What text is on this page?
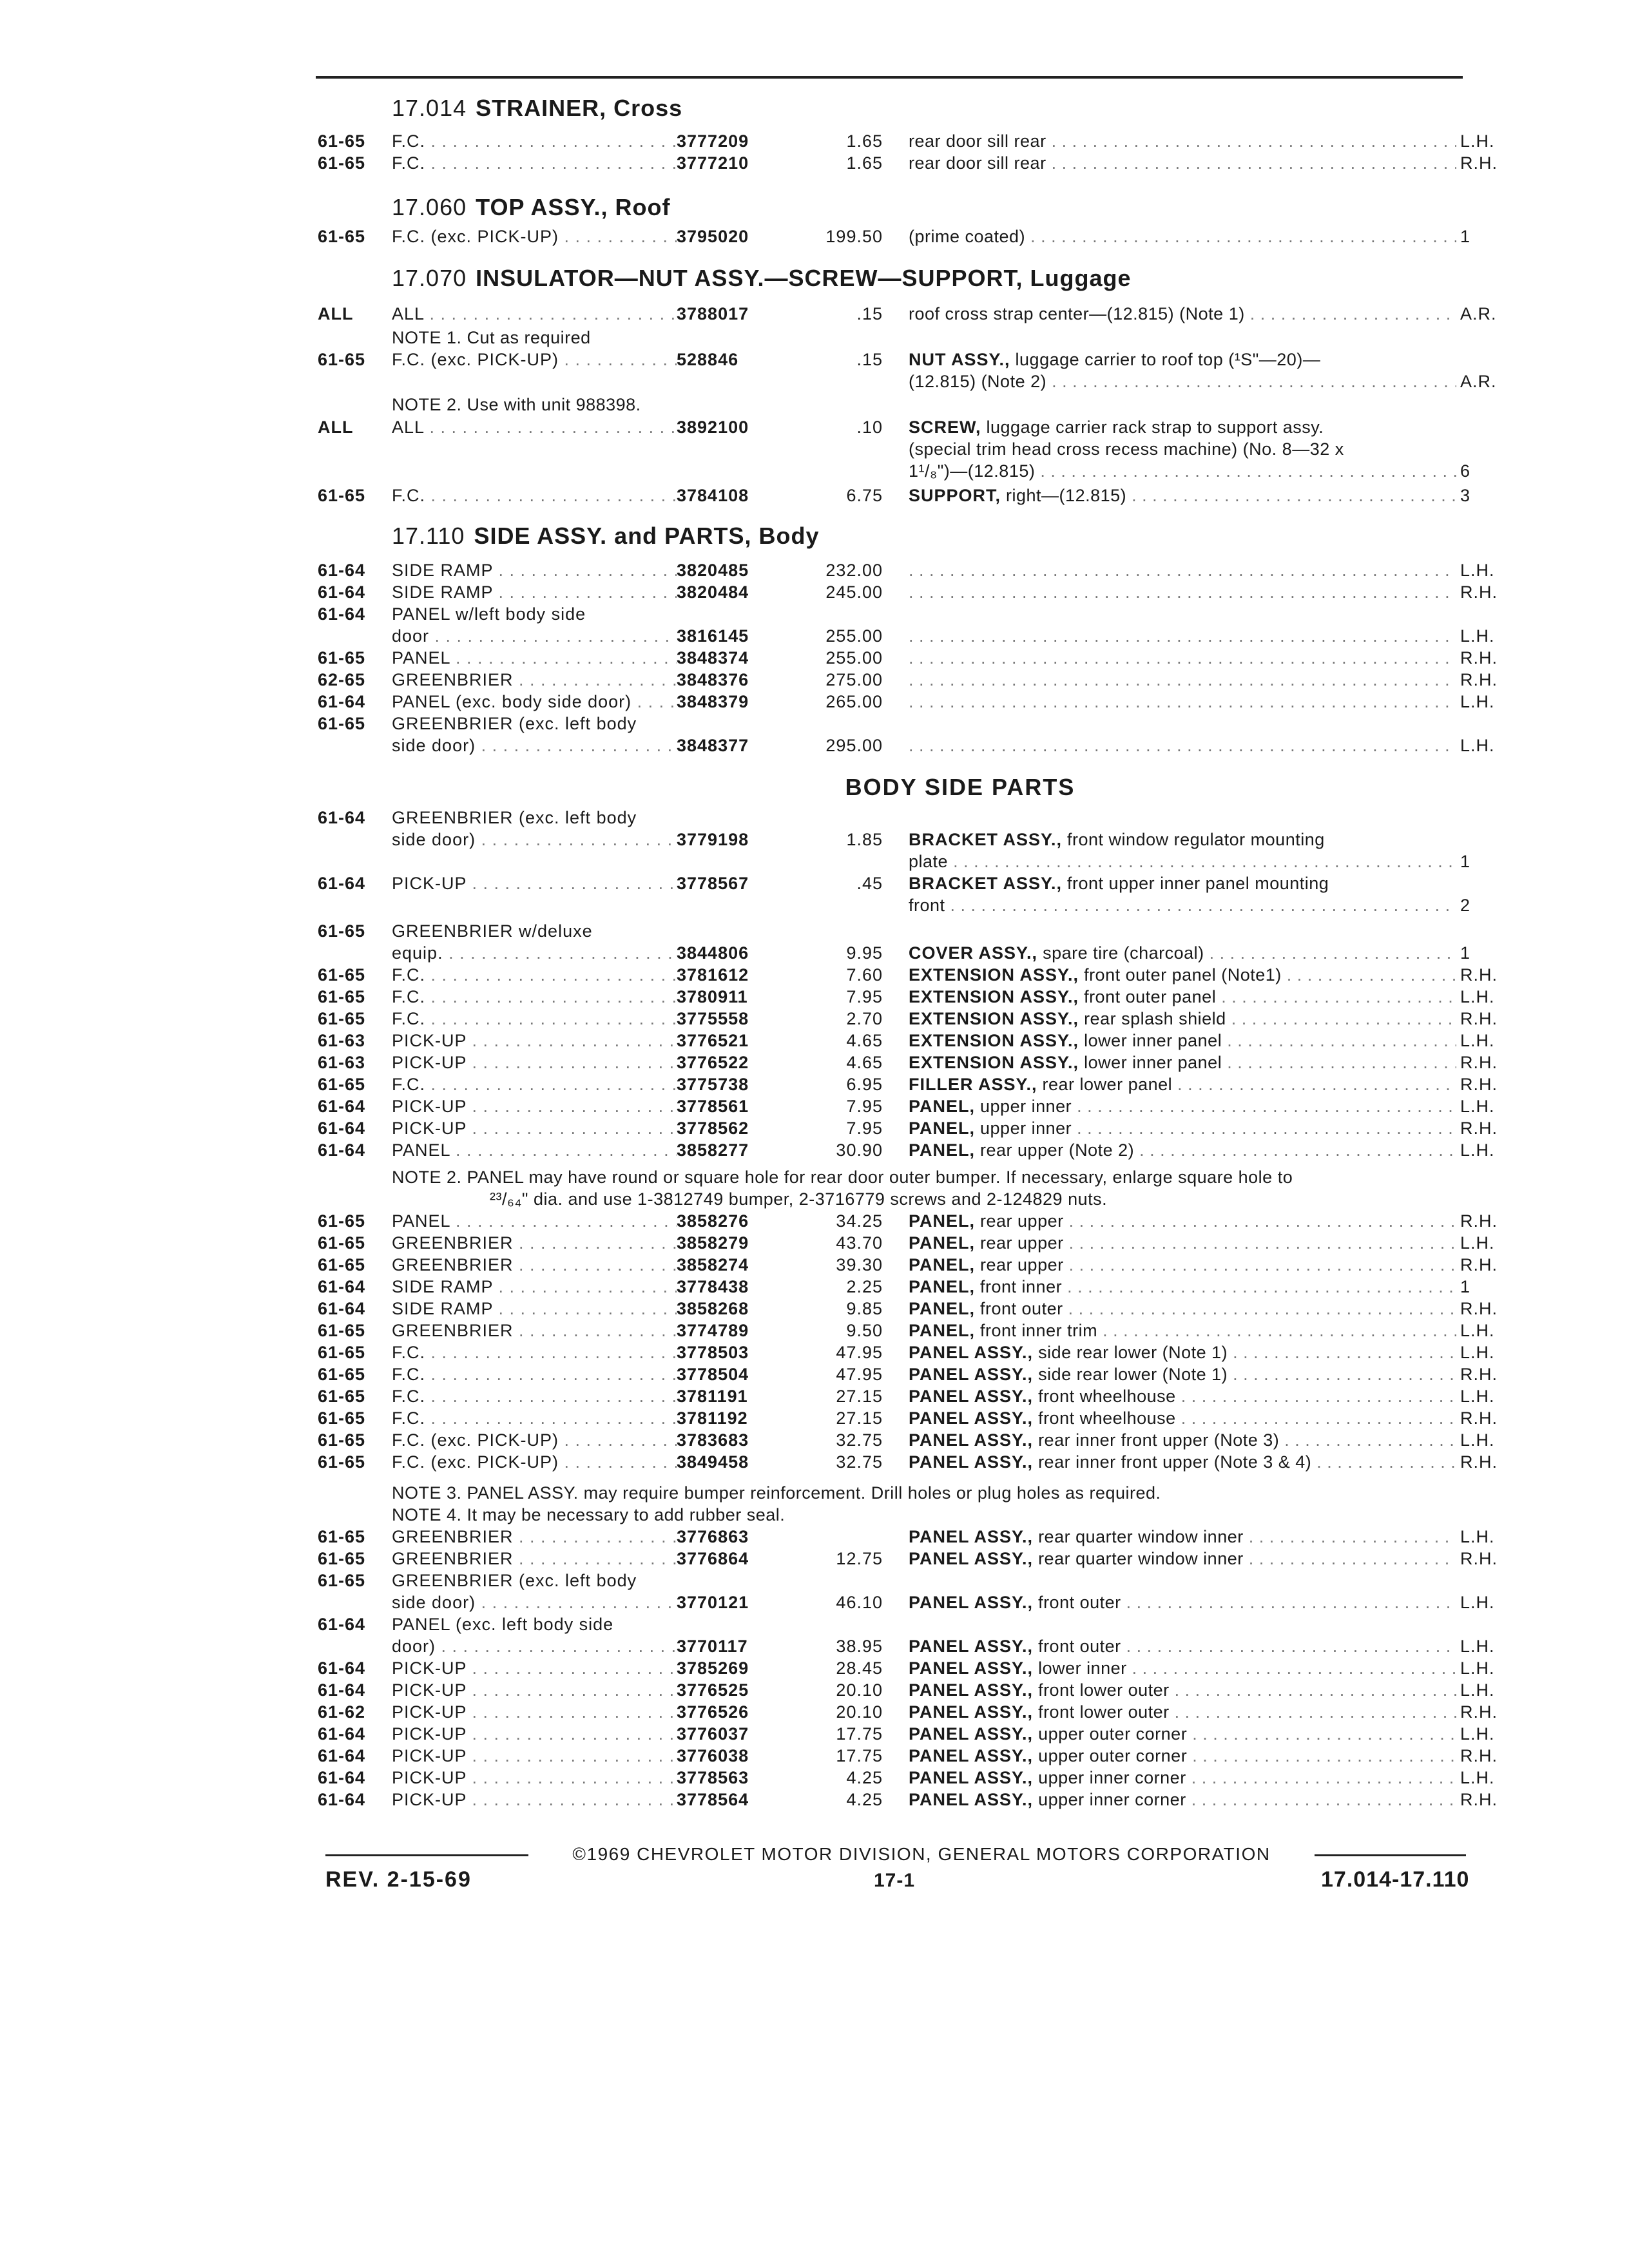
17.014 STRAINER, Cross
17.060 TOP ASSY., Roof
17.070 INSULATOR—NUT ASSY.—SCREW—SUPPORT, Luggage
17.110 SIDE ASSY. and PARTS, Body
BODY SIDE PARTS
NOTE 1. Cut as required
NOTE 2. Use with unit 988398.
NOTE 2. PANEL may have round or square hole for rear door outer bumper. If necessary, enlarge square hole to
²³/₆₄" dia. and use 1-3812749 bumper, 2-3716779 screws and 2-124829 nuts.
NOTE 3. PANEL ASSY. may require bumper reinforcement. Drill holes or plug holes as required.
NOTE 4. It may be necessary to add rubber seal.
61-65	F.C. . . .	3777209	1.65 rear door sill rear . . .	L.H.
61-65	F.C. . . .	3777210	1.65 rear door sill rear . . .	R.H.
61-65	F.C. (exc. PICK-UP) . . .	3795020	199.50 (prime coated) . . .	1
ALL	ALL . . .	3788017	.15 roof cross strap center—(12.815) (Note 1) . . .	A.R.
61-65	F.C. (exc. PICK-UP) . . .	528846	.15 NUT ASSY., luggage carrier to roof top (¹S"—20)—
(12.815) (Note 2) . . .	A.R.
ALL	ALL . . .	3892100	.10 SCREW, luggage carrier rack strap to support assy.
(special trim head cross recess machine) (No. 8—32 x
1¹/₈")—(12.815) . . .	6
61-65	F.C. . . .	3784108	6.75 SUPPORT, right—(12.815) . . .	3
61-64	SIDE RAMP . . .	3820485	232.00 . . .	L.H.
61-64	SIDE RAMP . . .	3820484	245.00 . . .	R.H.
61-64	PANEL w/left body side
door . . .	3816145	255.00 . . .	L.H.
61-65	PANEL . . .	3848374	255.00 . . .	R.H.
62-65	GREENBRIER . . .	3848376	275.00 . . .	R.H.
61-64	PANEL (exc. body side door) . . .	3848379	265.00 . . .	L.H.
61-65	GREENBRIER (exc. left body
side door) . . .	3848377	295.00 . . .	L.H.
61-64	GREENBRIER (exc. left body
side door) . . .	3779198	1.85 BRACKET ASSY., front window regulator mounting
plate . . .	1
61-64	PICK-UP . . .	3778567	.45 BRACKET ASSY., front upper inner panel mounting
front . . .	2
61-65	GREENBRIER w/deluxe
equip. . . .	3844806	9.95 COVER ASSY., spare tire (charcoal) . . .	1
61-65	F.C. . . .	3781612	7.60 EXTENSION ASSY., front outer panel (Note1) . . .	R.H.
61-65	F.C. . . .	3780911	7.95 EXTENSION ASSY., front outer panel . . .	L.H.
61-65	F.C. . . .	3775558	2.70 EXTENSION ASSY., rear splash shield . . .	R.H.
61-63	PICK-UP . . .	3776521	4.65 EXTENSION ASSY., lower inner panel . . .	L.H.
61-63	PICK-UP . . .	3776522	4.65 EXTENSION ASSY., lower inner panel . . .	R.H.
61-65	F.C. . . .	3775738	6.95 FILLER ASSY., rear lower panel . . .	R.H.
61-64	PICK-UP . . .	3778561	7.95 PANEL, upper inner . . .	L.H.
61-64	PICK-UP . . .	3778562	7.95 PANEL, upper inner . . .	R.H.
61-64	PANEL . . .	3858277	30.90 PANEL, rear upper (Note 2) . . .	L.H.
61-65	PANEL . . .	3858276	34.25 PANEL, rear upper . . .	R.H.
61-65	GREENBRIER . . .	3858279	43.70 PANEL, rear upper . . .	L.H.
61-65	GREENBRIER . . .	3858274	39.30 PANEL, rear upper . . .	R.H.
61-64	SIDE RAMP . . .	3778438	2.25 PANEL, front inner . . .	1
61-64	SIDE RAMP . . .	3858268	9.85 PANEL, front outer . . .	R.H.
61-65	GREENBRIER . . .	3774789	9.50 PANEL, front inner trim . . .	L.H.
61-65	F.C. . . .	3778503	47.95 PANEL ASSY., side rear lower (Note 1) . . .	L.H.
61-65	F.C. . . .	3778504	47.95 PANEL ASSY., side rear lower (Note 1) . . .	R.H.
61-65	F.C. . . .	3781191	27.15 PANEL ASSY., front wheelhouse . . .	L.H.
61-65	F.C. . . .	3781192	27.15 PANEL ASSY., front wheelhouse . . .	R.H.
61-65	F.C. (exc. PICK-UP) . . .	3783683	32.75 PANEL ASSY., rear inner front upper (Note 3) . . .	L.H.
61-65	F.C. (exc. PICK-UP) . . .	3849458	32.75 PANEL ASSY., rear inner front upper (Note 3 & 4) . . .	R.H.
61-65	GREENBRIER . . .	3776863	PANEL ASSY., rear quarter window inner . . .	L.H.
61-65	GREENBRIER . . .	3776864	12.75 PANEL ASSY., rear quarter window inner . . .	R.H.
61-65	GREENBRIER (exc. left body
side door) . . .	3770121	46.10 PANEL ASSY., front outer . . .	L.H.
61-64	PANEL (exc. left body side
door) . . .	3770117	38.95 PANEL ASSY., front outer . . .	L.H.
61-64	PICK-UP . . .	3785269	28.45 PANEL ASSY., lower inner . . .	L.H.
61-64	PICK-UP . . .	3776525	20.10 PANEL ASSY., front lower outer . . .	L.H.
61-62	PICK-UP . . .	3776526	20.10 PANEL ASSY., front lower outer . . .	R.H.
61-64	PICK-UP . . .	3776037	17.75 PANEL ASSY., upper outer corner . . .	L.H.
61-64	PICK-UP . . .	3776038	17.75 PANEL ASSY., upper outer corner . . .	R.H.
61-64	PICK-UP . . .	3778563	4.25 PANEL ASSY., upper inner corner . . .	L.H.
61-64	PICK-UP . . .	3778564	4.25 PANEL ASSY., upper inner corner . . .	R.H.
©1969 CHEVROLET MOTOR DIVISION, GENERAL MOTORS CORPORATION
REV. 2-15-69	17-1	17.014-17.110
